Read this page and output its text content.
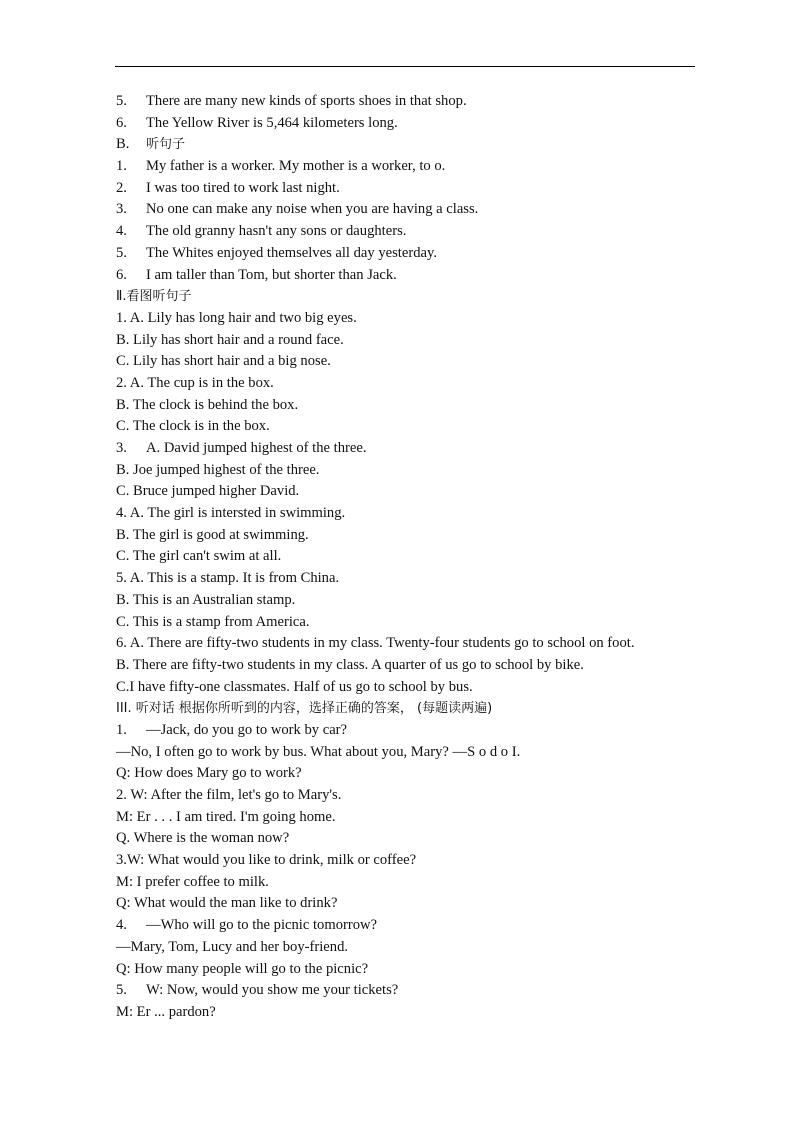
5. There are many new kinds of sports shoes in that shop.
6. The Yellow River is 5,464 kilometers long.
B. 听句子
1. My father is a worker. My mother is a worker, to o.
2. I was too tired to work last night.
3. No one can make any noise when you are having a class.
4. The old granny hasn't any sons or daughters.
5. The Whites enjoyed themselves all day yesterday.
6. I am taller than Tom, but shorter than Jack.
Ⅱ.看图听句子
1. A. Lily has long hair and two big eyes.
B. Lily has short hair and a round face.
C. Lily has short hair and a big nose.
2. A. The cup is in the box.
B. The clock is behind the box.
C. The clock is in the box.
3. A. David jumped highest of the three.
B. Joe jumped highest of the three.
C. Bruce jumped higher David.
4. A. The girl is intersted in swimming.
B. The girl is good at swimming.
C. The girl can't swim at all.
5. A. This is a stamp. It is from China.
B. This is an Australian stamp.
C. This is a stamp from America.
6. A. There are fifty-two students in my class. Twenty-four students go to school on foot.
B. There are fifty-two students in my class. A quarter of us go to school by bike.
C.I have fifty-one classmates. Half of us go to school by bus.
III. 听对话 根据你所听到的内容，选择正确的答案， (每题读两遍)
1. —Jack, do you go to work by car?
—No, I often go to work by bus. What about you, Mary? —S o d o I.
Q: How does Mary go to work?
2. W: After the film, let's go to Mary's.
M: Er . . . I am tired. I'm going home.
Q. Where is the woman now?
3.W: What would you like to drink, milk or coffee?
M: I prefer coffee to milk.
Q: What would the man like to drink?
4. —Who will go to the picnic tomorrow?
—Mary, Tom, Lucy and her boy-friend.
Q: How many people will go to the picnic?
5. W: Now, would you show me your tickets?
M: Er ... pardon?
